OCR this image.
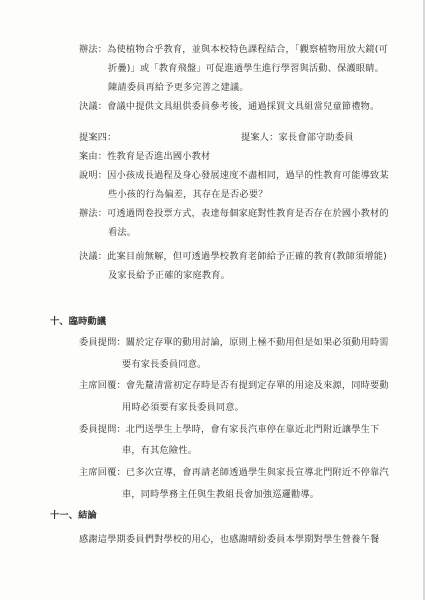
辦法：為使植物合乎教育，並與本校特色課程結合，「觀察植物用放大鏡(可
折疊)」或「教育飛盤」可促進過學生進行學習與活動、保護眼睛。
陳請委員再給予更多完善之建議。
決議：會議中提供文具組供委員參考後，通過採買文具組當兒童節禮物。
提案四：	提案人：家長會部守助委員
案由：性教育是否進出國小教材
說明：因小孩成長過程及身心發展速度不盡相同，過早的性教育可能導致某
些小孩的行為偏差，其存在是否必要？
辦法：可透過問卷投票方式，表達每個家庭對性教育是否存在於國小教材的
看法。
決議：此案目前無解，但可透過學校教育老師給予正確的教育(教師須增能)
及家長給予正確的家庭教育。
十、臨時動議
委員提問：關於定存單的動用討論，原則上極不動用但是如果必須動用時需
要有家長委員同意。
主席回覆：會先釐清當初定存時是否有提到定存單的用途及來源，同時要動
用時必須要有家長委員同意。
委員提問：北門送學生上學時，會有家長汽車停在靠近北門附近讓學生下
車，有其危險性。
主席回覆：已多次宣導，會再請老師透過學生與家長宣導北門附近不停靠汽
車，同時學務主任與生教組長會加強巡邏勸導。
十一、結論
感謝這學期委員們對學校的用心，也感謝晴紛委員本學期對學生營養午餐
